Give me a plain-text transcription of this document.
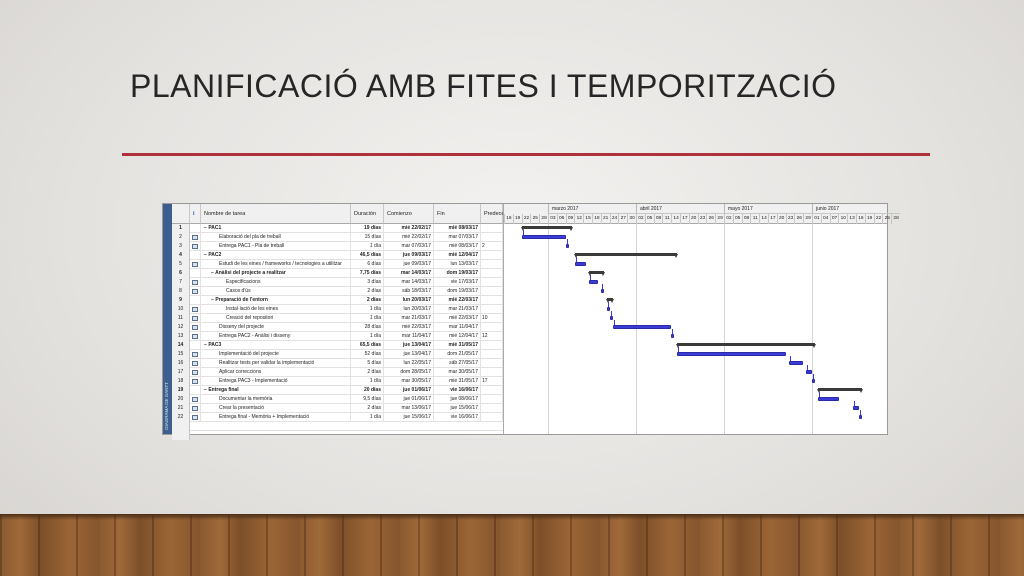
PLANIFICACIÓ AMB FITES I TEMPORITZACIÓ
DIAGRAMA DE GANTT
i	Nombre de tarea	Duración	Comienzo	Fin	Predece
1	− PAC1	19 días	mié 22/02/17	mié 08/03/17
2	Elaboració del pla de treball	15 días	mié 22/02/17	mar 07/03/17
3	Entrega PAC1 - Pla de treball	1 día	mar 07/03/17	mié 08/03/17 2
4	− PAC2	46,5 días	jue 09/03/17	mié 12/04/17
5	Estudi de les eines / frameworks / tecnologies a utilitzar	6 días	jue 09/03/17	lun 13/03/17
6	− Anàlisi del projecte a realitzar	7,75 días	mar 14/03/17	dom 19/03/17
7	Especificacions	3 días	mar 14/03/17	vie 17/03/17
8	Casos d'ús	2 días	sáb 18/03/17	dom 19/03/17
9	− Preparació de l'entorn	2 días	lun 20/03/17	mié 22/03/17
10	Instal·lació de les eines	1 día	lun 20/03/17	mar 21/03/17
11	Creació del repositori	1 día	mar 21/03/17	mié 22/03/17 10
12	Disseny del projecte	28 días	mié 22/03/17	mar 11/04/17
13	Entrega PAC2 - Anàlisi i disseny	1 día	mar 11/04/17	mié 12/04/17 12
14	− PAC3	65,5 días	jue 13/04/17	mié 31/05/17
15	Implementació del projecte	52 días	jue 13/04/17	dom 21/05/17
16	Realitzar tests per validar la implementació	5 días	lun 22/05/17	sáb 27/05/17
17	Aplicar correccions	2 días	dom 28/05/17	mar 30/05/17
18	Entrega PAC3 - Implementació	1 día	mar 30/05/17	mié 31/05/17 17
19	− Entrega final	20 días	jue 01/06/17	vie 16/06/17
20	Documentar la memòria	9,5 días	jue 01/06/17	jue 08/06/17
21	Crear la presentació	2 días	mar 13/06/17	jue 15/06/17
22	Entrega final - Memòria + Implementació	1 día	jue 15/06/17	vie 16/06/17
marzo 2017	abril 2017	mayo 2017	junio 2017
16 19 22 25 28 03 06 09 12 15 18 21 24 27 30 02 05 08 11 14 17 20 23 26 29 02 05 08 11 14 17 20 23 26 29 01 04 07 10 13 16 19 22 25 28
